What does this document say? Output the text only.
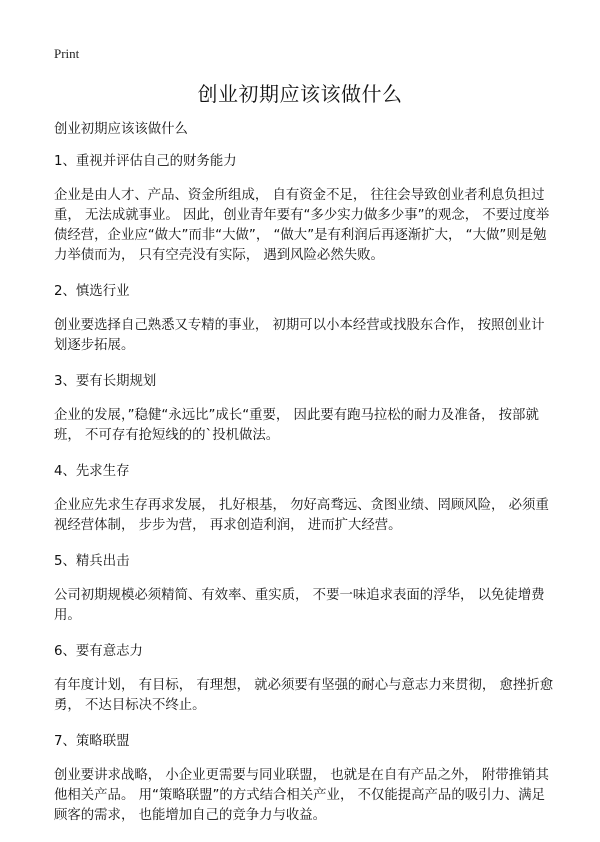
Print
创业初期应该该做什么

创业初期应该该做什么

1、重视并评估自己的财务能力

企业是由人才、产品、资金所组成， 自有资金不足， 往往会导致创业者利息负担过重， 无法成就事业。 因此，创业青年要有“多少实力做多少事”的观念， 不要过度举债经营，企业应“做大”而非“大做”， “做大”是有利润后再逐渐扩大， “大做”则是勉力举债而为， 只有空壳没有实际， 遇到风险必然失败。

2、慎选行业

创业要选择自己熟悉又专精的事业， 初期可以小本经营或找股东合作， 按照创业计划逐步拓展。

3、要有长期规划

企业的发展，”稳健“永远比”成长“重要， 因此要有跑马拉松的耐力及准备， 按部就班， 不可存有抢短线的的`投机做法。

4、先求生存

企业应先求生存再求发展， 扎好根基， 勿好高骛远、贪图业绩、罔顾风险， 必须重视经营体制， 步步为营， 再求创造利润， 进而扩大经营。

5、精兵出击

公司初期规模必须精简、有效率、重实质， 不要一味追求表面的浮华， 以免徒增费用。

6、要有意志力

有年度计划， 有目标， 有理想， 就必须要有坚强的耐心与意志力来贯彻， 愈挫折愈勇， 不达目标决不终止。

7、策略联盟

创业要讲求战略， 小企业更需要与同业联盟， 也就是在自有产品之外， 附带推销其他相关产品。 用“策略联盟”的方式结合相关产业， 不仅能提高产品的吸引力、满足顾客的需求， 也能增加自己的竞争力与收益。
